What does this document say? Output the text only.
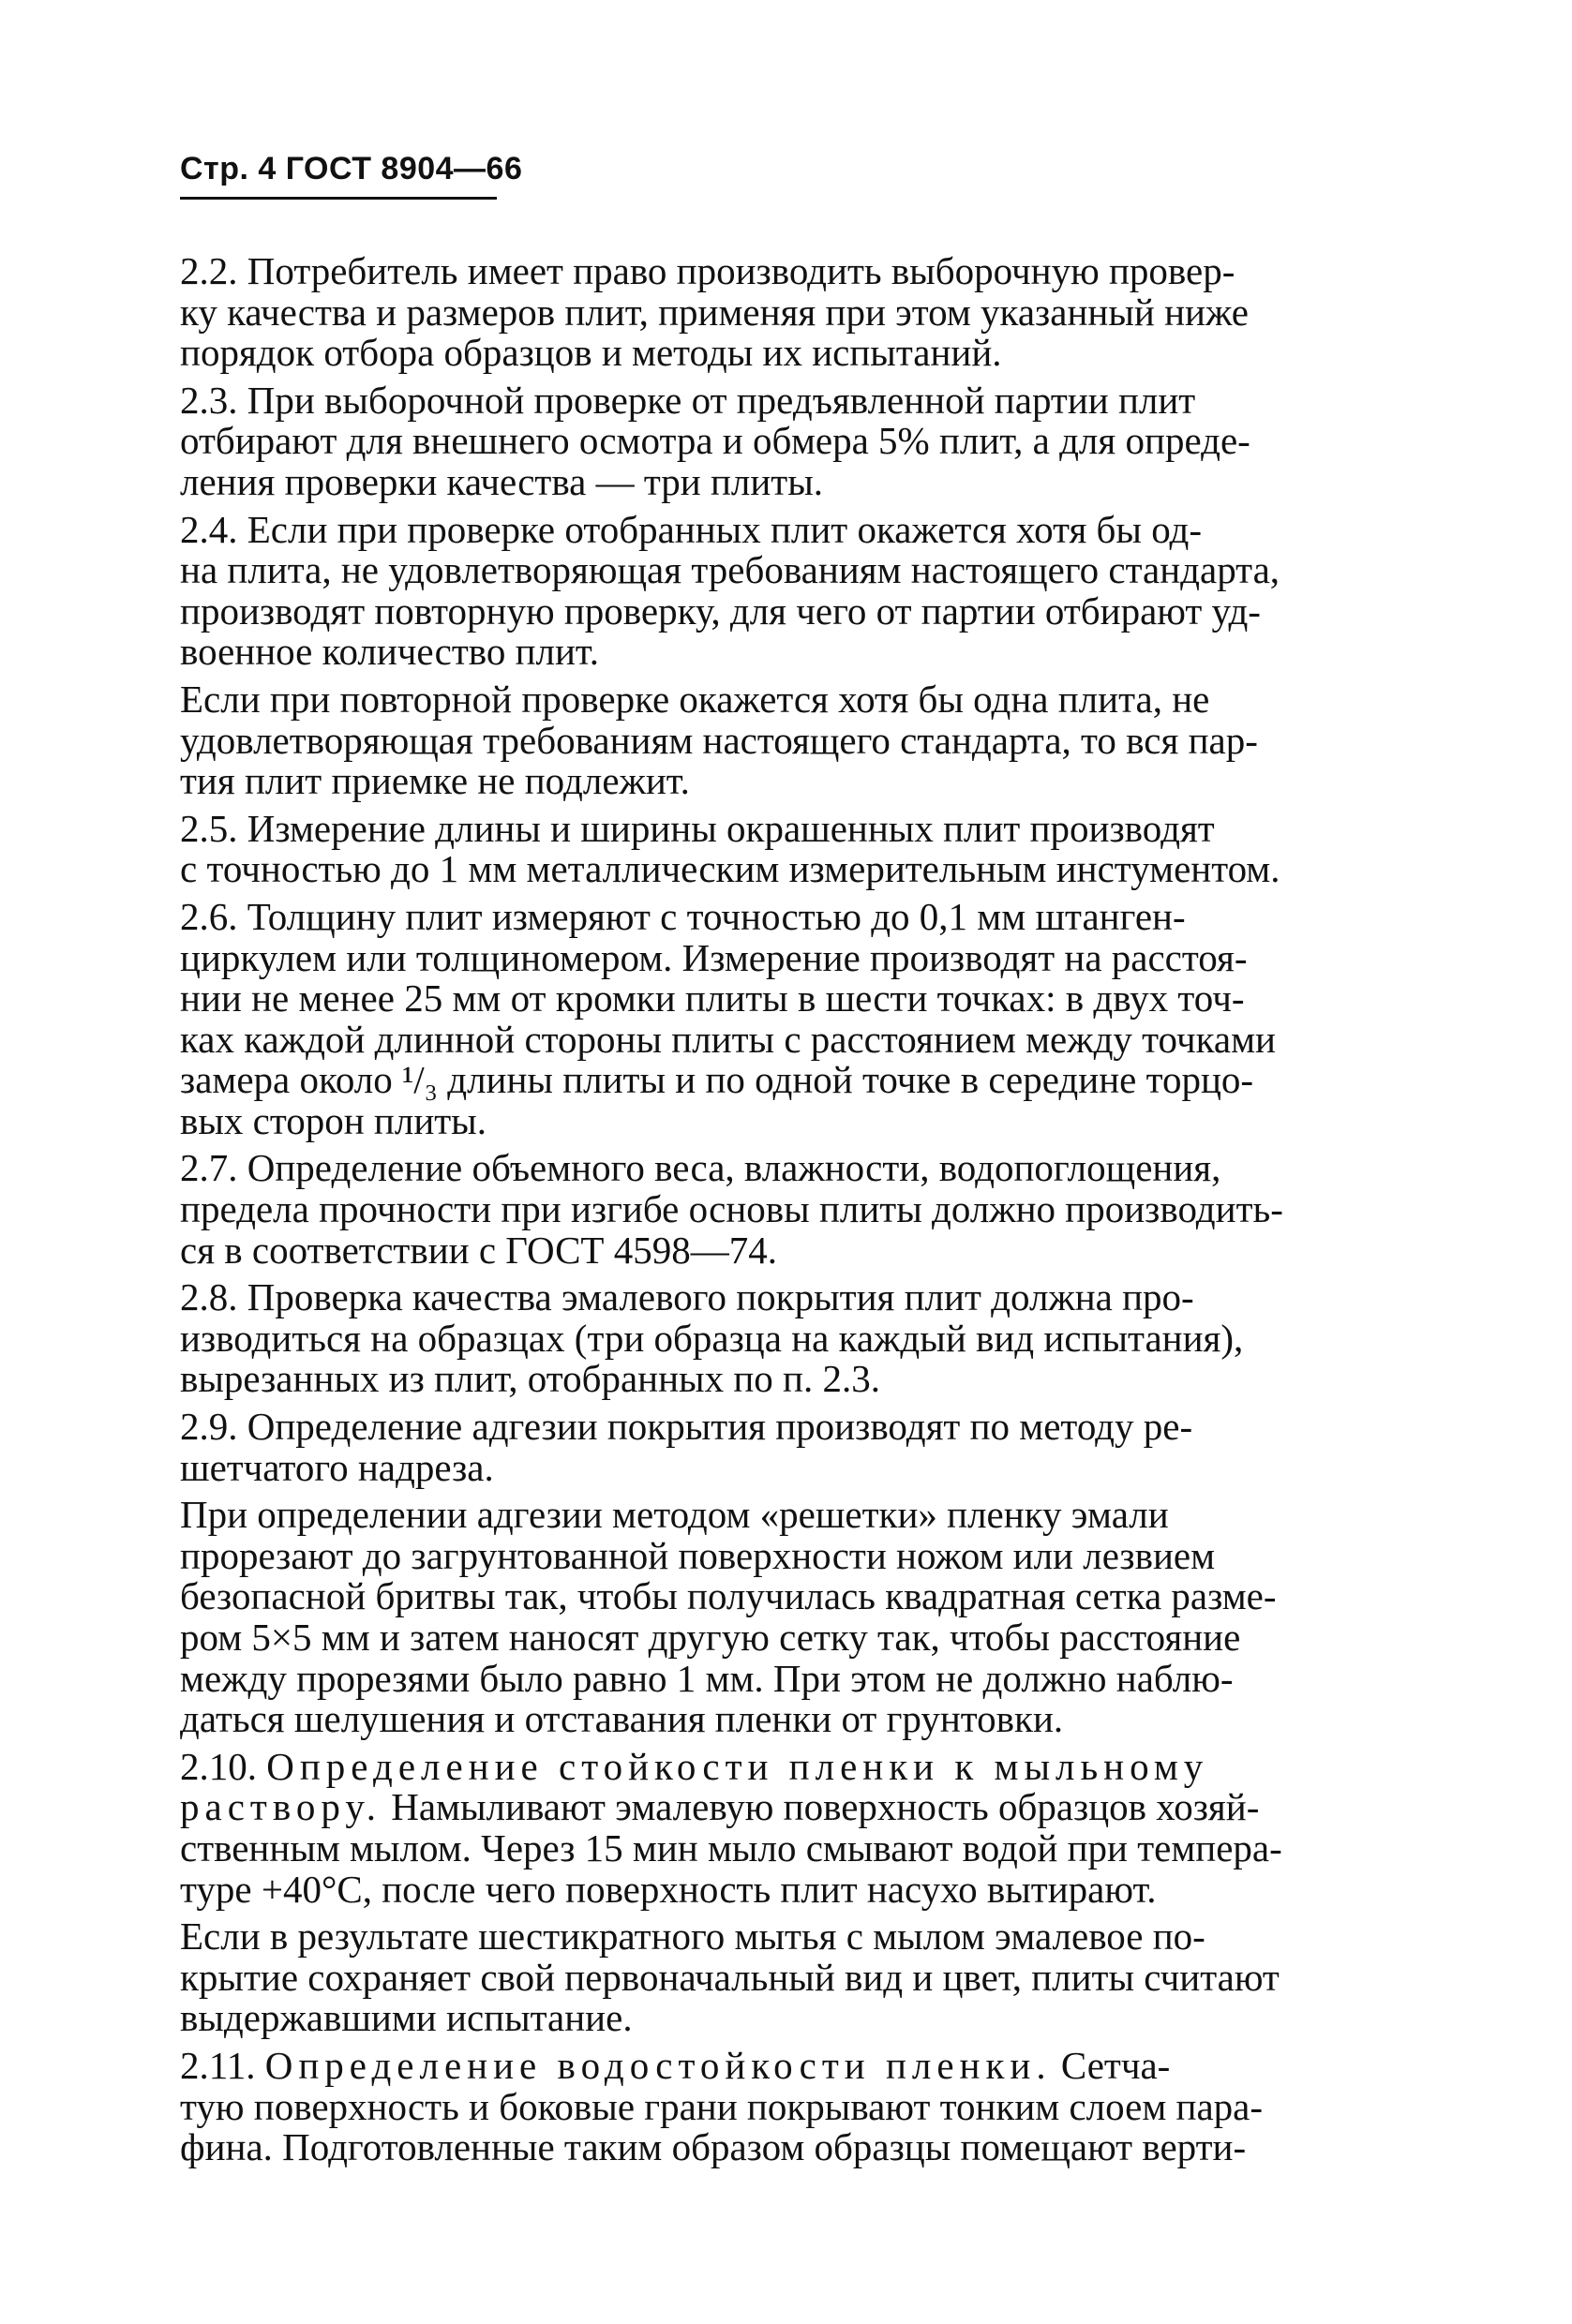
Стр. 4 ГОСТ 8904—66

2.2. Потребитель имеет право производить выборочную провер-
ку качества и размеров плит, применяя при этом указанный ниже
порядок отбора образцов и методы их испытаний.

2.3. При выборочной проверке от предъявленной партии плит
отбирают для внешнего осмотра и обмера 5% плит, а для опреде-
ления проверки качества — три плиты.

2.4. Если при проверке отобранных плит окажется хотя бы од-
на плита, не удовлетворяющая требованиям настоящего стандарта,
производят повторную проверку, для чего от партии отбирают уд-
военное количество плит.

Если при повторной проверке окажется хотя бы одна плита, не
удовлетворяющая требованиям настоящего стандарта, то вся пар-
тия плит приемке не подлежит.

2.5. Измерение длины и ширины окрашенных плит производят
с точностью до 1 мм металлическим измерительным инстументом.

2.6. Толщину плит измеряют с точностью до 0,1 мм штанген-
циркулем или толщиномером. Измерение производят на расстоя-
нии не менее 25 мм от кромки плиты в шести точках: в двух точ-
ках каждой длинной стороны плиты с расстоянием между точками
замера около ¹/₃ длины плиты и по одной точке в середине торцо-
вых сторон плиты.

2.7. Определение объемного веса, влажности, водопоглощения,
предела прочности при изгибе основы плиты должно производить-
ся в соответствии с ГОСТ 4598—74.

2.8. Проверка качества эмалевого покрытия плит должна про-
изводиться на образцах (три образца на каждый вид испытания),
вырезанных из плит, отобранных по п. 2.3.

2.9. Определение адгезии покрытия производят по методу ре-
шетчатого надреза.

При определении адгезии методом «решетки» пленку эмали
прорезают до загрунтованной поверхности ножом или лезвием
безопасной бритвы так, чтобы получилась квадратная сетка разме-
ром 5×5 мм и затем наносят другую сетку так, чтобы расстояние
между прорезями было равно 1 мм. При этом не должно наблю-
даться шелушения и отставания пленки от грунтовки.

2.10. Определение стойкости пленки к мыльному
раствору. Намыливают эмалевую поверхность образцов хозяй-
ственным мылом. Через 15 мин мыло смывают водой при темпера-
туре +40°С, после чего поверхность плит насухо вытирают.

Если в результате шестикратного мытья с мылом эмалевое по-
крытие сохраняет свой первоначальный вид и цвет, плиты считают
выдержавшими испытание.

2.11. Определение водостойкости пленки. Сетча-
тую поверхность и боковые грани покрывают тонким слоем пара-
фина. Подготовленные таким образом образцы помещают верти-
